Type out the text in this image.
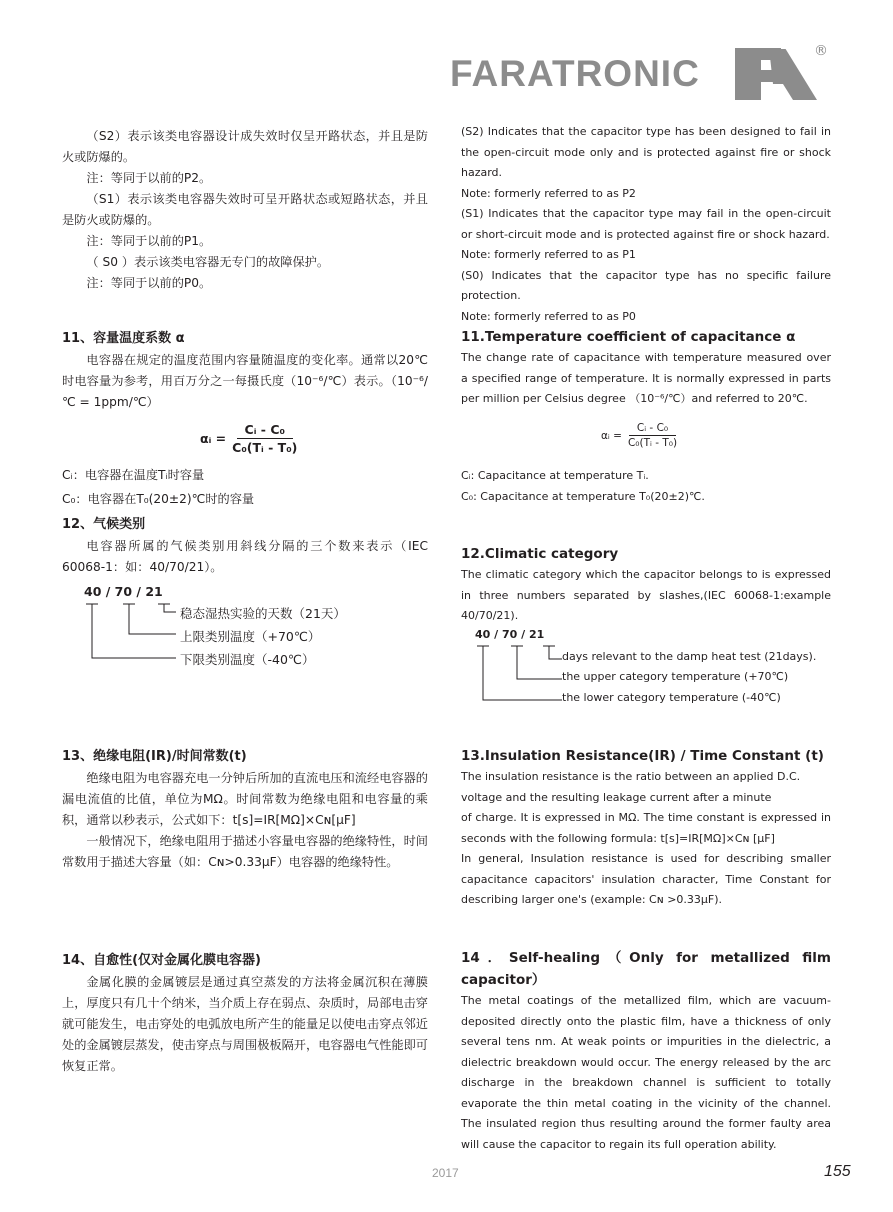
FARATRONIC
®

（S2）表示该类电容器设计成失效时仅呈开路状态，并且是防火或防爆的。

注：等同于以前的P2。

（S1）表示该类电容器失效时可呈开路状态或短路状态，并且是防火或防爆的。

注：等同于以前的P1。

（ S0 ）表示该类电容器无专门的故障保护。

注：等同于以前的P0。

11、容量温度系数 α

电容器在规定的温度范围内容量随温度的变化率。通常以20℃时电容量为参考，用百万分之一每摄氏度（10⁻⁶/℃）表示。（10⁻⁶/℃ = 1ppm/℃）

αᵢ = $\frac{\text{Cᵢ - C₀}}{\text{C₀(Tᵢ - T₀)}}$

Cᵢ：电容器在温度Tᵢ时容量

C₀：电容器在T₀(20±2)℃时的容量

12、气候类别

电容器所属的气候类别用斜线分隔的三个数来表示（IEC 60068-1：如：40/70/21）。

40 / 70 / 21
稳态湿热实验的天数（21天）
上限类别温度（+70℃）
下限类别温度（-40℃）

13、绝缘电阻(IR)/时间常数(t)

绝缘电阻为电容器充电一分钟后所加的直流电压和流经电容器的漏电流值的比值，单位为MΩ。时间常数为绝缘电阻和电容量的乘积，通常以秒表示，公式如下：t[s]=IR[MΩ]×Cɴ[μF]

一般情况下，绝缘电阻用于描述小容量电容器的绝缘特性，时间常数用于描述大容量（如：Cɴ>0.33μF）电容器的绝缘特性。

14、自愈性(仅对金属化膜电容器)

金属化膜的金属镀层是通过真空蒸发的方法将金属沉积在薄膜上，厚度只有几十个纳米，当介质上存在弱点、杂质时，局部电击穿就可能发生，电击穿处的电弧放电所产生的能量足以使电击穿点邻近处的金属镀层蒸发，使击穿点与周围极板隔开，电容器电气性能即可恢复正常。

(S2) Indicates that the capacitor type has been designed to fail in the open-circuit mode only and is protected against fire or shock hazard.

Note: formerly referred to as P2

(S1) Indicates that the capacitor type may fail in the open-circuit or short-circuit mode and is protected against fire or shock hazard.

Note: formerly referred to as P1

(S0) Indicates that the capacitor type has no specific failure protection.

Note: formerly referred to as P0

11.Temperature coefficient of capacitance α

The change rate of capacitance with temperature measured over a specified range of temperature. It is normally expressed in parts per million per Celsius degree （10⁻⁶/℃）and referred to 20℃.

αᵢ = $\frac{\text{Cᵢ - C₀}}{\text{C₀(Tᵢ - T₀)}}$

Cᵢ: Capacitance at temperature Tᵢ.

C₀: Capacitance at temperature T₀(20±2)℃.

12.Climatic category

The climatic category which the capacitor belongs to is expressed in three numbers separated by slashes,(IEC 60068-1:example 40/70/21).

40 / 70 / 21
days relevant to the damp heat test (21days).
the upper category temperature (+70℃)
the lower category temperature (-40℃)

13.Insulation Resistance(IR) / Time Constant (t)

The insulation resistance is the ratio between an applied D.C. voltage and the resulting leakage current after a minute

of charge. It is expressed in MΩ. The time constant is expressed in seconds with the following formula: t[s]=IR[MΩ]×Cɴ [μF]

In general, Insulation resistance is used for describing smaller capacitance capacitors' insulation character, Time Constant for describing larger one's (example: Cɴ >0.33μF).

14．Self-healing（Only for metallized film capacitor）

The metal coatings of the metallized film, which are vacuum-deposited directly onto the plastic film, have a thickness of only several tens nm. At weak points or impurities in the dielectric, a dielectric breakdown would occur. The energy released by the arc discharge in the breakdown channel is sufficient to totally evaporate the thin metal coating in the vicinity of the channel. The insulated region thus resulting around the former faulty area will cause the capacitor to regain its full operation ability.

2017	155
